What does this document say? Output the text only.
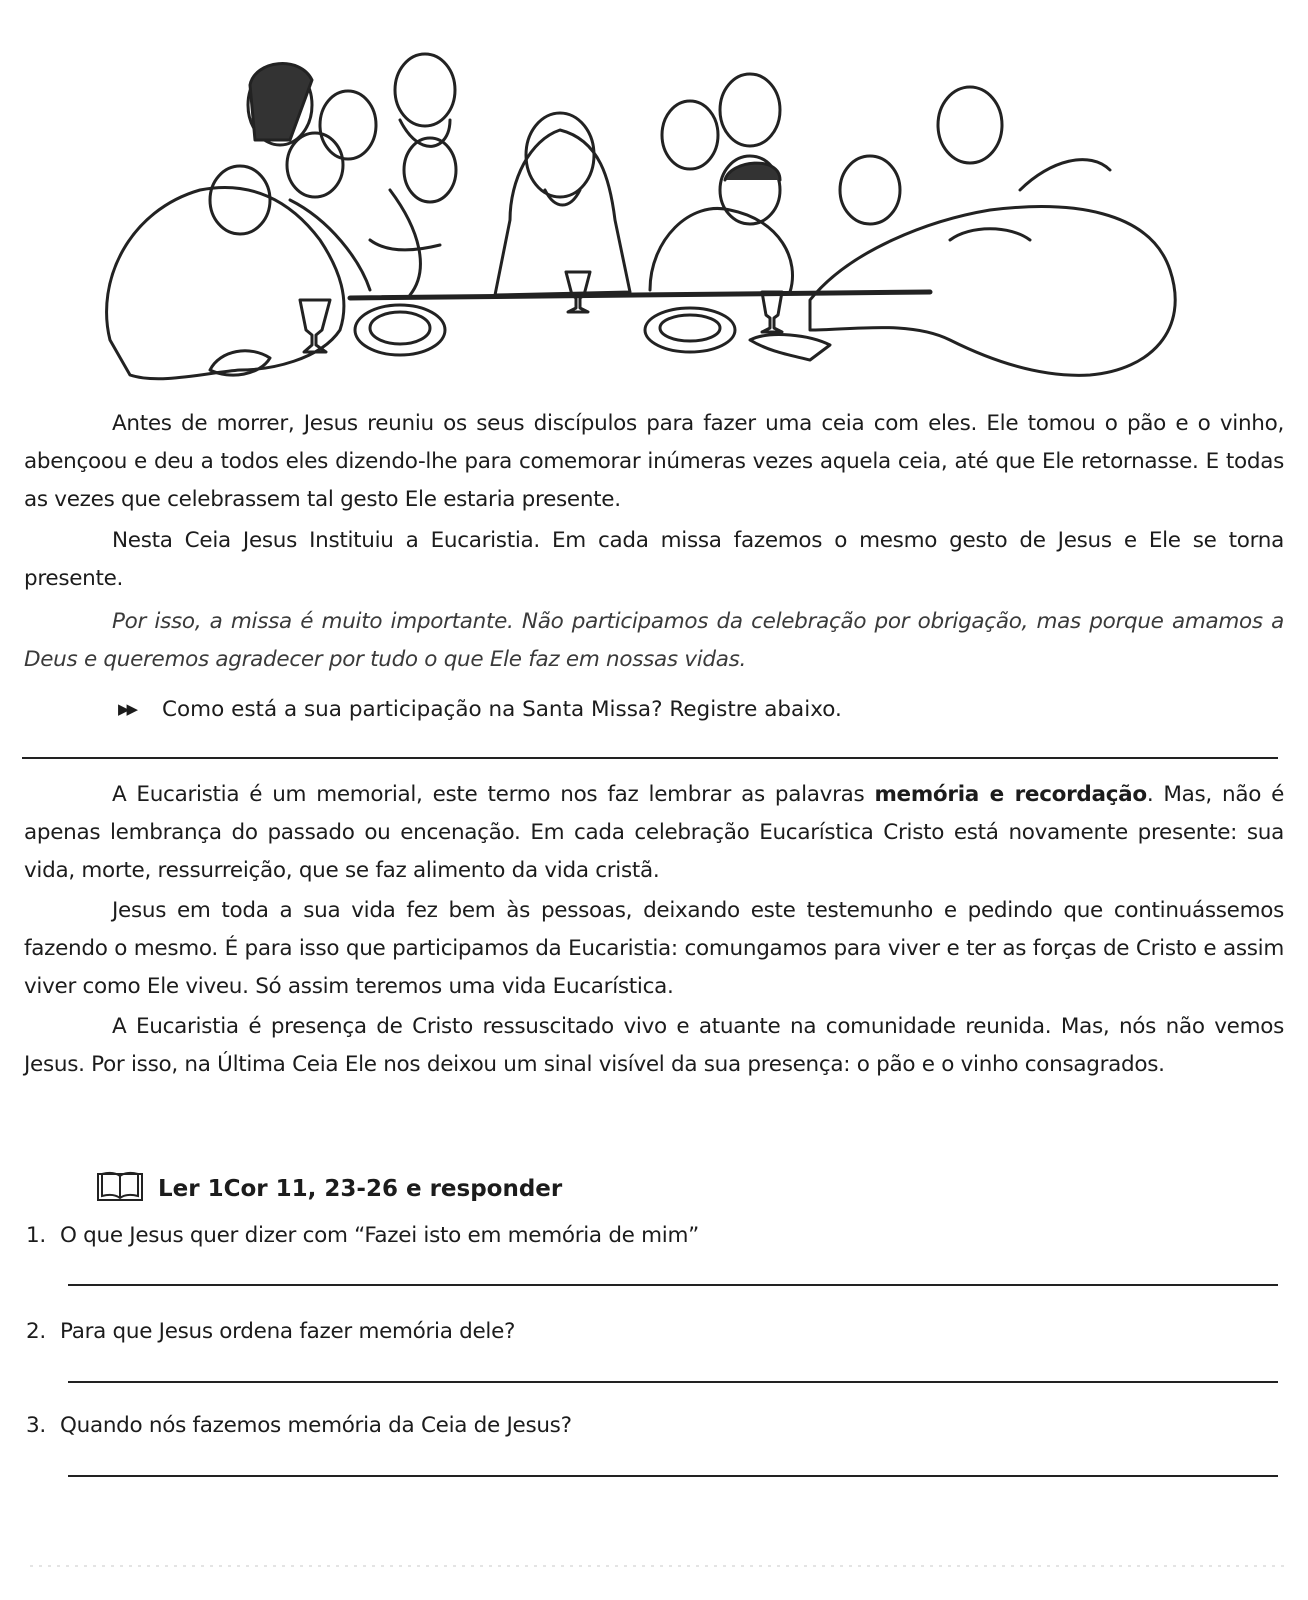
Antes de morrer, Jesus reuniu os seus discípulos para fazer uma ceia com eles. Ele tomou o pão e o vinho, abençoou e deu a todos eles dizendo-lhe para comemorar inúmeras vezes aquela ceia, até que Ele retornasse. E todas as vezes que celebrassem tal gesto Ele estaria presente.
Nesta Ceia Jesus Instituiu a Eucaristia. Em cada missa fazemos o mesmo gesto de Jesus e Ele se torna presente.
Por isso, a missa é muito importante. Não participamos da celebração por obrigação, mas porque amamos a Deus e queremos agradecer por tudo o que Ele faz em nossas vidas.
▶▶ Como está a sua participação na Santa Missa? Registre abaixo.
A Eucaristia é um memorial, este termo nos faz lembrar as palavras memória e recordação. Mas, não é apenas lembrança do passado ou encenação. Em cada celebração Eucarística Cristo está novamente presente: sua vida, morte, ressurreição, que se faz alimento da vida cristã.
Jesus em toda a sua vida fez bem às pessoas, deixando este testemunho e pedindo que continuássemos fazendo o mesmo. É para isso que participamos da Eucaristia: comungamos para viver e ter as forças de Cristo e assim viver como Ele viveu. Só assim teremos uma vida Eucarística.
A Eucaristia é presença de Cristo ressuscitado vivo e atuante na comunidade reunida. Mas, nós não vemos Jesus. Por isso, na Última Ceia Ele nos deixou um sinal visível da sua presença: o pão e o vinho consagrados.
Ler 1Cor 11, 23-26 e responder
1. O que Jesus quer dizer com “Fazei isto em memória de mim”
2. Para que Jesus ordena fazer memória dele?
3. Quando nós fazemos memória da Ceia de Jesus?
